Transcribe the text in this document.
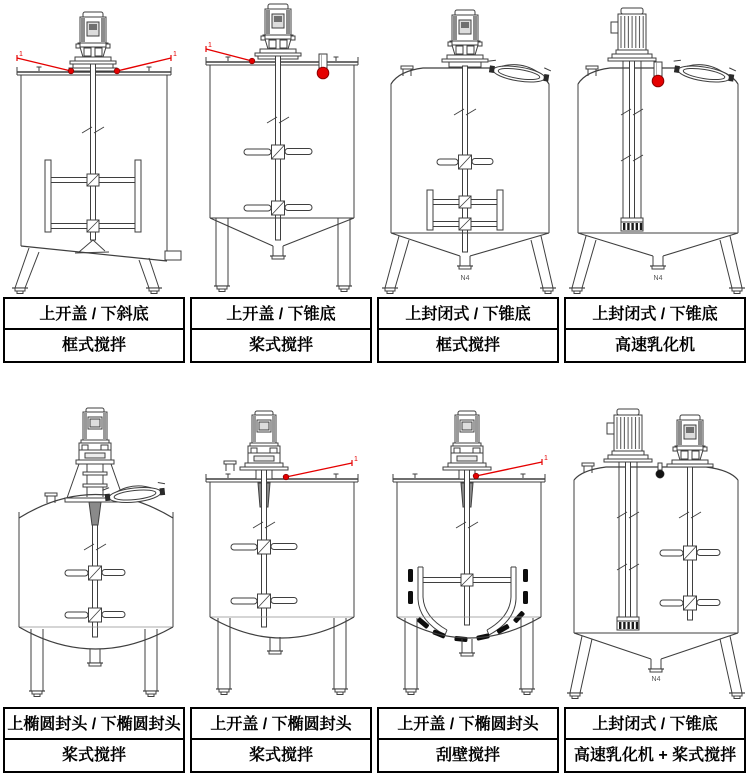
1	1
上开盖 / 下斜底
框式搅拌
1
上开盖 / 下锥底
桨式搅拌
N4
上封闭式 / 下锥底
框式搅拌
N4
上封闭式 / 下锥底
高速乳化机
上椭圆封头 / 下椭圆封头
桨式搅拌
1
上开盖 / 下椭圆封头
桨式搅拌
1
上开盖 / 下椭圆封头
刮壁搅拌
N4
上封闭式 / 下锥底
高速乳化机 + 桨式搅拌
